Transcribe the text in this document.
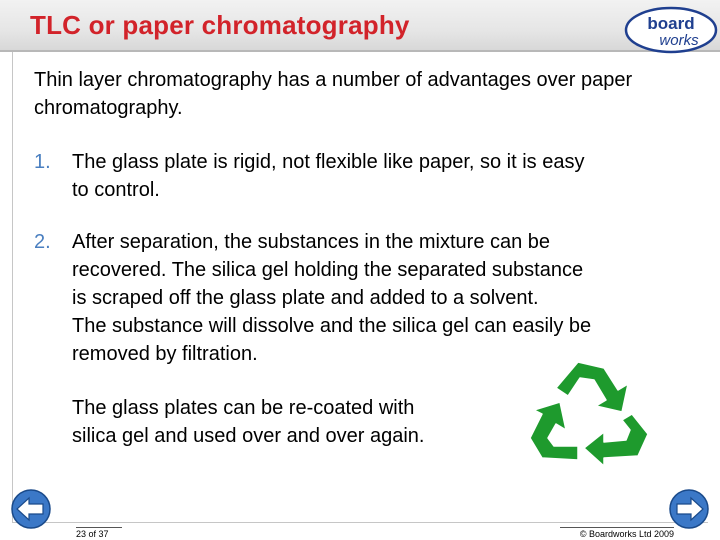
TLC or paper chromatography	board
works

Thin layer chromatography has a number of advantages over paper chromatography.

1. The glass plate is rigid, not flexible like paper, so it is easy
to control.
2. After separation, the substances in the mixture can be
recovered. The silica gel holding the separated substance
is scraped off the glass plate and added to a solvent.
The substance will dissolve and the silica gel can easily be
removed by filtration.
The glass plates can be re-coated with
silica gel and used over and over again.
23 of 37	© Boardworks Ltd 2009
